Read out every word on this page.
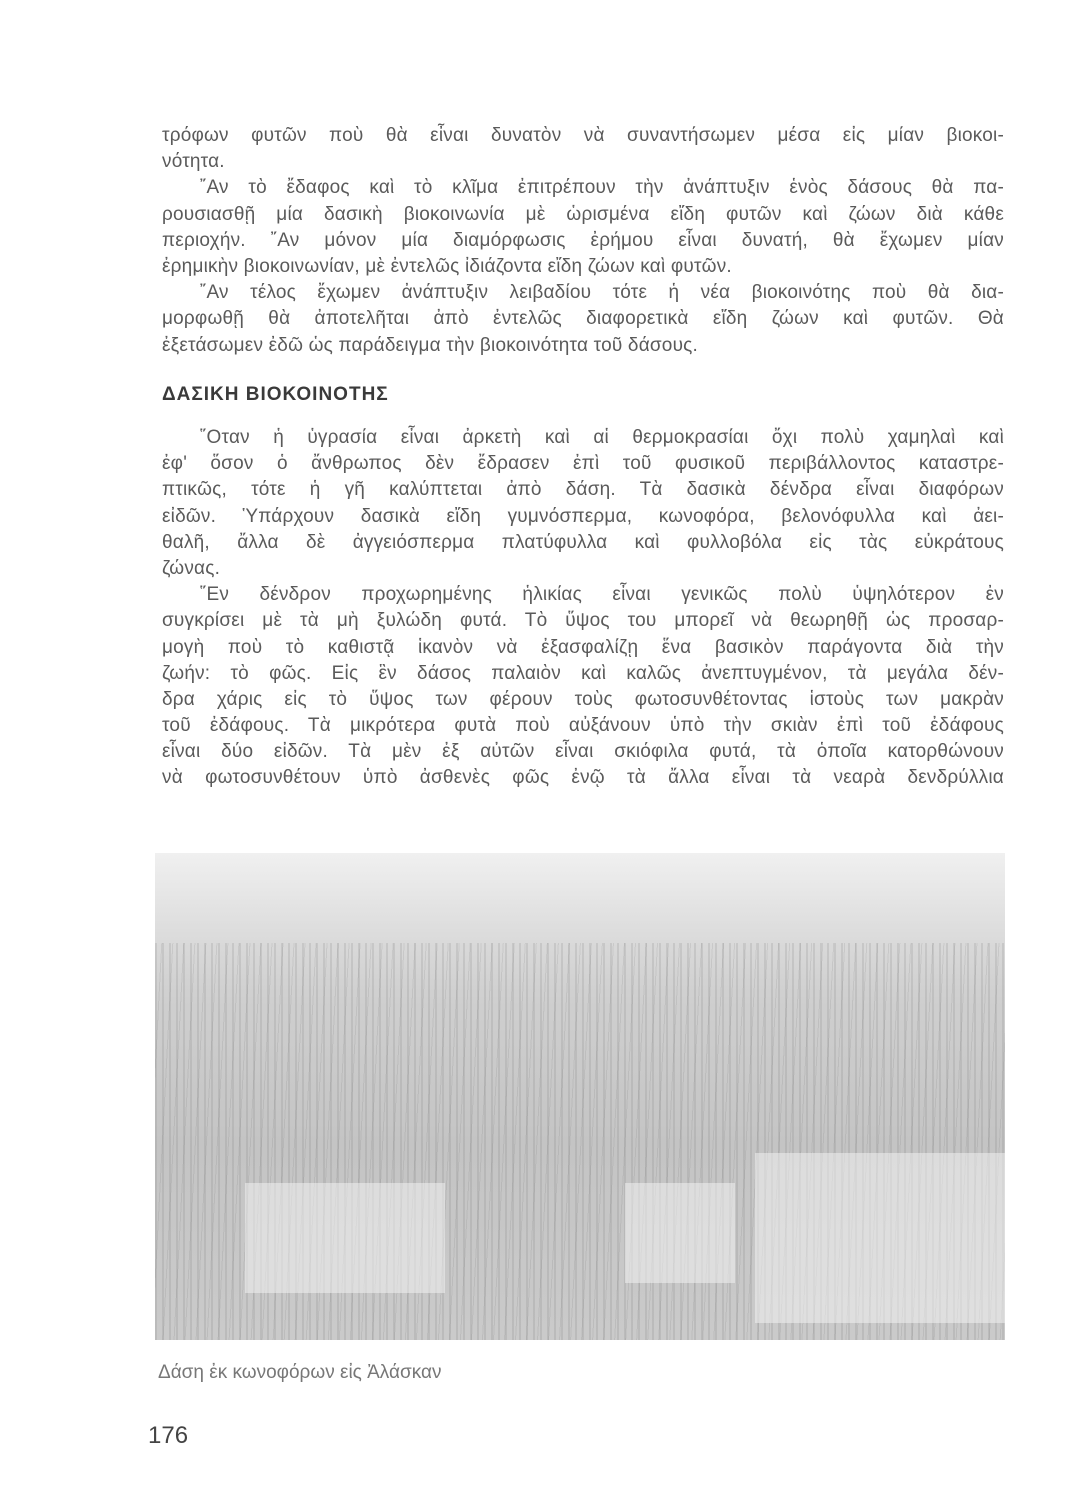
τρόφων φυτῶν ποὺ θὰ εἶναι δυνατὸν νὰ συναντήσωμεν μέσα εἰς μίαν βιοκοι-
νότητα.
῎Αν τὸ ἔδαφος καὶ τὸ κλῖμα ἐπιτρέπουν τὴν ἀνάπτυξιν ἑνὸς δάσους θὰ πα-
ρουσιασθῇ μία δασικὴ βιοκοινωνία μὲ ὡρισμένα εἴδη φυτῶν καὶ ζώων διὰ κάθε
περιοχήν. ῎Αν μόνον μία διαμόρφωσις ἐρήμου εἶναι δυνατή, θὰ ἔχωμεν μίαν
ἐρημικὴν βιοκοινωνίαν, μὲ ἐντελῶς ἰδιάζοντα εἴδη ζώων καὶ φυτῶν.
῎Αν τέλος ἔχωμεν ἀνάπτυξιν λειβαδίου τότε ἡ νέα βιοκοινότης ποὺ θὰ δια-
μορφωθῇ θὰ ἀποτελῆται ἀπὸ ἐντελῶς διαφορετικὰ εἴδη ζώων καὶ φυτῶν. Θὰ
ἐξετάσωμεν ἐδῶ ὡς παράδειγμα τὴν βιοκοινότητα τοῦ δάσους.
ΔΑΣΙΚΗ ΒΙΟΚΟΙΝΟΤΗΣ
῞Οταν ἡ ὑγρασία εἶναι ἀρκετὴ καὶ αἱ θερμοκρασίαι ὄχι πολὺ χαμηλαὶ καὶ
ἐφ' ὅσον ὁ ἄνθρωπος δὲν ἔδρασεν ἐπὶ τοῦ φυσικοῦ περιβάλλοντος καταστρε-
πτικῶς, τότε ἡ γῆ καλύπτεται ἀπὸ δάση. Τὰ δασικὰ δένδρα εἶναι διαφόρων
εἰδῶν. Ὑπάρχουν δασικὰ εἴδη γυμνόσπερμα, κωνοφόρα, βελονόφυλλα καὶ ἀει-
θαλῆ, ἄλλα δὲ ἀγγειόσπερμα πλατύφυλλα καὶ φυλλοβόλα εἰς τὰς εὐκράτους
ζώνας.
῞Εν δένδρον προχωρημένης ἡλικίας εἶναι γενικῶς πολὺ ὑψηλότερον ἐν
συγκρίσει μὲ τὰ μὴ ξυλώδη φυτά. Τὸ ὕψος του μπορεῖ νὰ θεωρηθῇ ὡς προσαρ-
μογὴ ποὺ τὸ καθιστᾷ ἱκανὸν νὰ ἐξασφαλίζῃ ἕνα βασικὸν παράγοντα διὰ τὴν
ζωήν: τὸ φῶς. Εἰς ἓν δάσος παλαιὸν καὶ καλῶς ἀνεπτυγμένον, τὰ μεγάλα δέν-
δρα χάρις εἰς τὸ ὕψος των φέρουν τοὺς φωτοσυνθέτοντας ἱστοὺς των μακρὰν
τοῦ ἐδάφους. Τὰ μικρότερα φυτὰ ποὺ αὐξάνουν ὑπὸ τὴν σκιὰν ἐπὶ τοῦ ἐδάφους
εἶναι δύο εἰδῶν. Τὰ μὲν ἐξ αὐτῶν εἶναι σκιόφιλα φυτά, τὰ ὁποῖα κατορθώνουν
νὰ φωτοσυνθέτουν ὑπὸ ἀσθενὲς φῶς ἐνῷ τὰ ἄλλα εἶναι τὰ νεαρὰ δενδρύλλια
Δάση ἐκ κωνοφόρων εἰς Ἀλάσκαν
176
